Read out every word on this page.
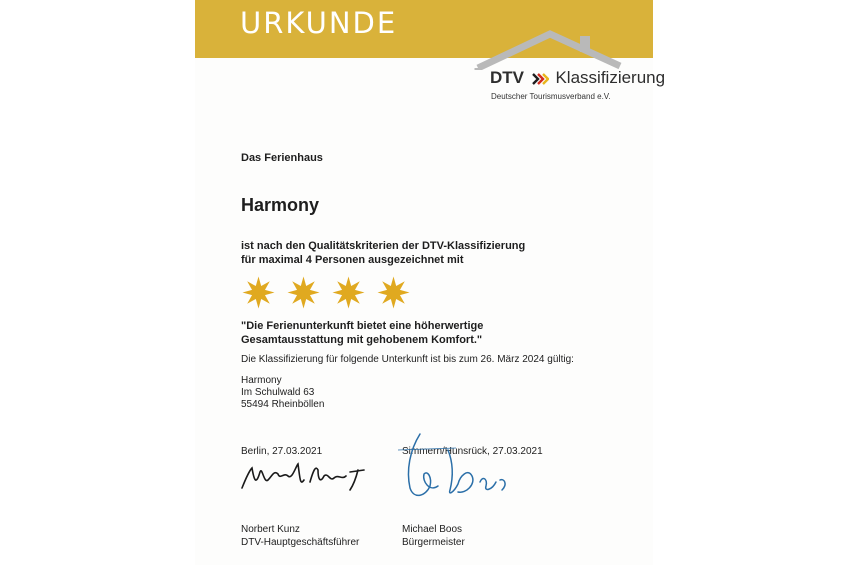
URKUNDE
DTV Klassifizierung
Deutscher Tourismusverband e.V.
Das Ferienhaus
Harmony
ist nach den Qualitätskriterien der DTV-Klassifizierung
für maximal 4 Personen ausgezeichnet mit
"Die Ferienunterkunft bietet eine höherwertige
Gesamtausstattung mit gehobenem Komfort."
Die Klassifizierung für folgende Unterkunft ist bis zum 26. März 2024 gültig:
Harmony
Im Schulwald 63
55494 Rheinböllen
Berlin, 27.03.2021	Simmern/Hunsrück, 27.03.2021
Norbert Kunz
DTV-Hauptgeschäftsführer
Michael Boos
Bürgermeister
